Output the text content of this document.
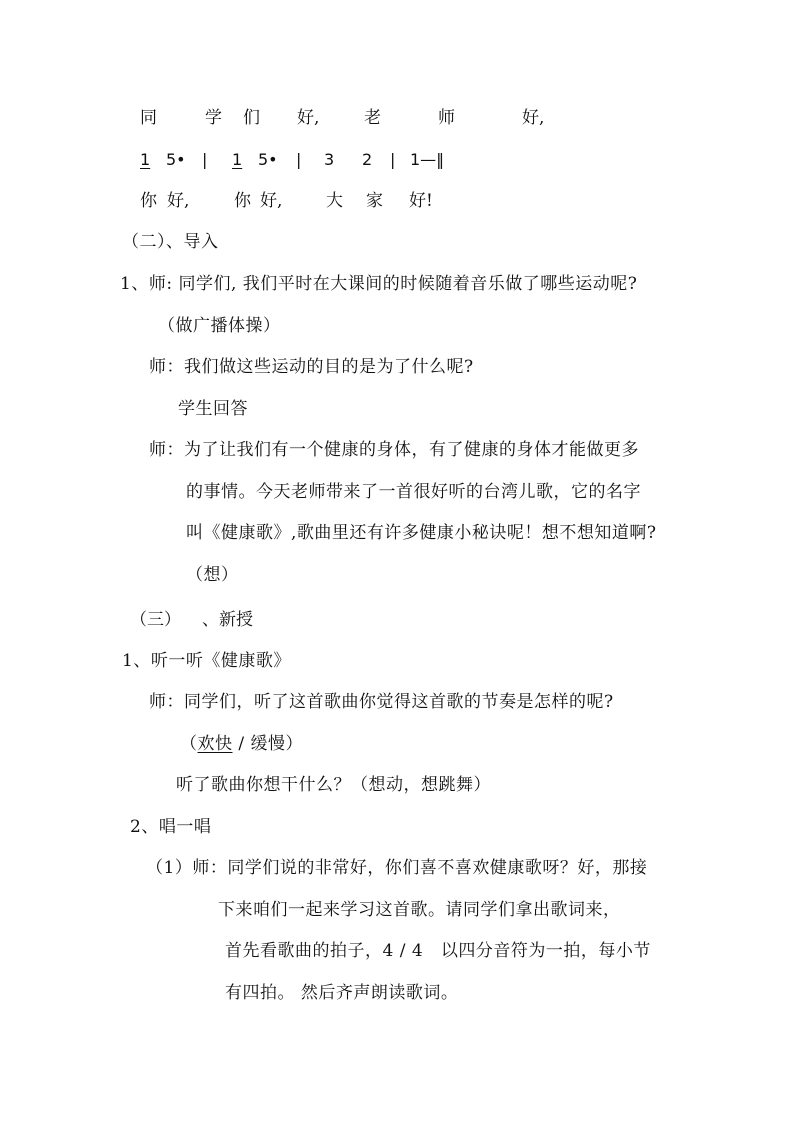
同	学 们 好,	老	师	好,
1 5• | 1 5• | 3 2 | 1—‖
你 好,	你 好,	大 家 好!
（二）、导入
1、师: 同学们, 我们平时在大课间的时候随着音乐做了哪些运动呢?
（做广播体操）
师：我们做这些运动的目的是为了什么呢?
学生回答
师：为了让我们有一个健康的身体，有了健康的身体才能做更多
的事情。今天老师带来了一首很好听的台湾儿歌，它的名字
叫《健康歌》,歌曲里还有许多健康小秘诀呢！想不想知道啊?
（想）
（三） 、新授
1、听一听《健康歌》
师：同学们，听了这首歌曲你觉得这首歌的节奏是怎样的呢?
（欢快 / 缓慢）
听了歌曲你想干什么？（想动，想跳舞）
2、唱一唱
（1）师：同学们说的非常好，你们喜不喜欢健康歌呀？好，那接
下来咱们一起来学习这首歌。请同学们拿出歌词来，
首先看歌曲的拍子，4 / 4   以四分音符为一拍，每小节
有四拍。 然后齐声朗读歌词。
